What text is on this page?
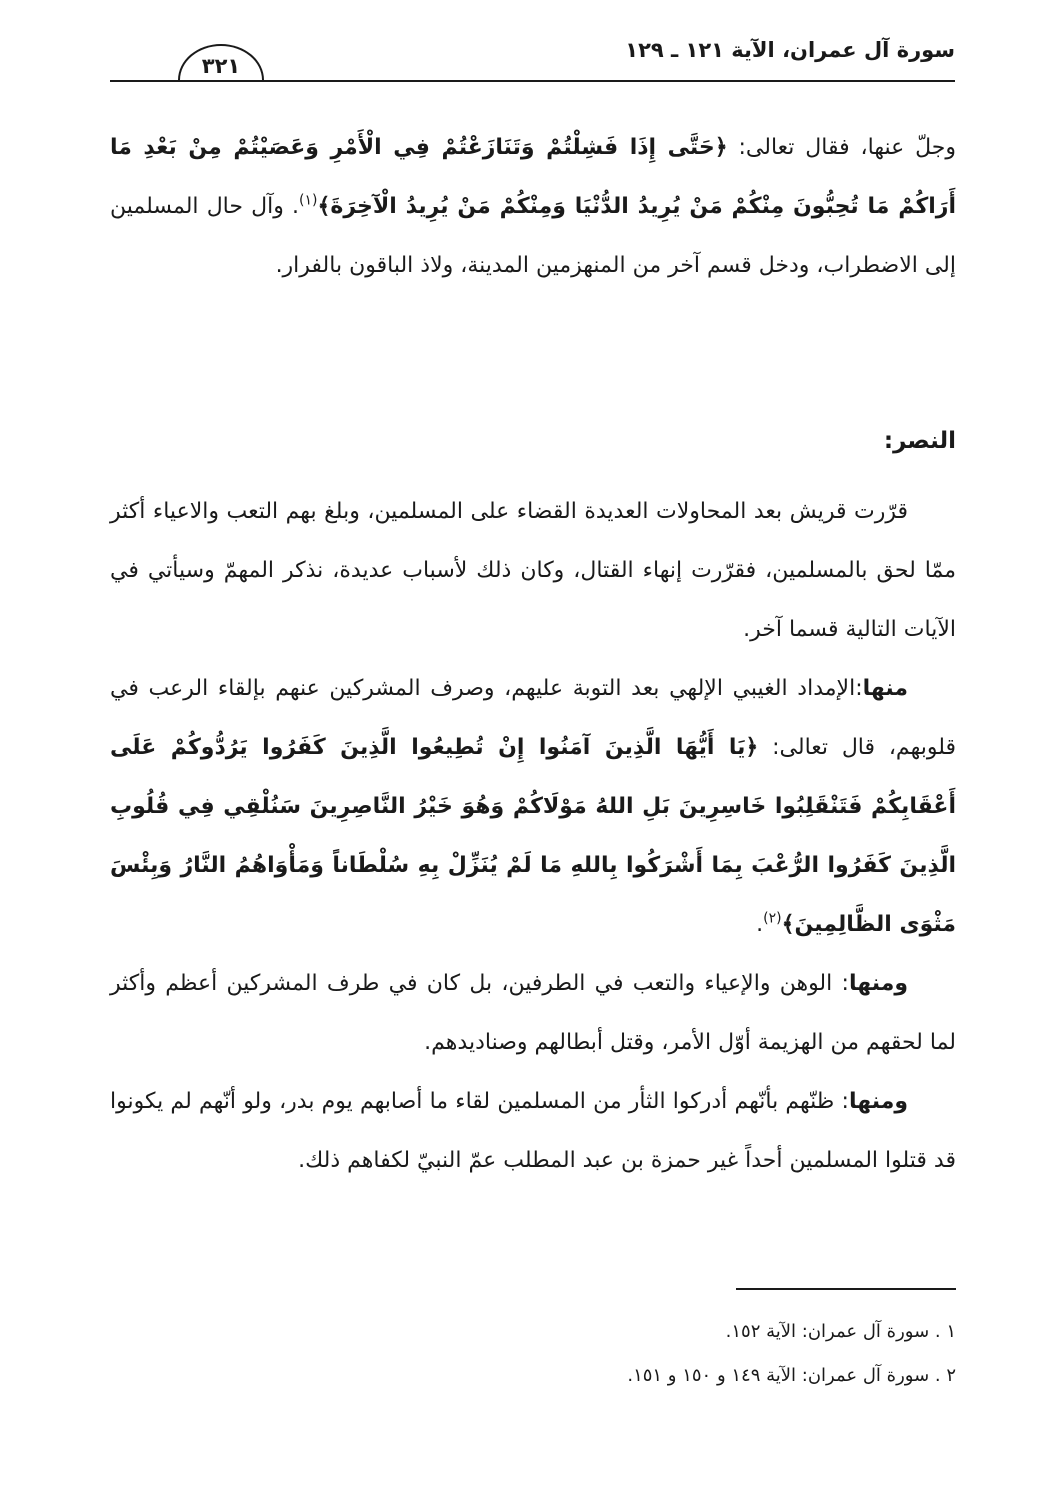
سورة آل عمران، الآية ١٢١ ـ ١٢٩
٣٢١

وجلّ عنها، فقال تعالى: ﴿حَتَّى إِذَا فَشِلْتُمْ وَتَنَازَعْتُمْ فِي الْأَمْرِ وَعَصَيْتُمْ مِنْ بَعْدِ مَا أَرَاكُمْ مَا تُحِبُّونَ مِنْكُمْ مَنْ يُرِيدُ الدُّنْيَا وَمِنْكُمْ مَنْ يُرِيدُ الْآخِرَةَ﴾$^{(١)}$. وآل حال المسلمين إلى الاضطراب، ودخل قسم آخر من المنهزمين المدينة، ولاذ الباقون بالفرار.

النصر:

قرّرت قريش بعد المحاولات العديدة القضاء على المسلمين، وبلغ بهم التعب والاعياء أكثر ممّا لحق بالمسلمين، فقرّرت إنهاء القتال، وكان ذلك لأسباب عديدة، نذكر المهمّ وسيأتي في الآيات التالية قسما آخر.

منها:الإمداد الغيبي الإلهي بعد التوبة عليهم، وصرف المشركين عنهم بإلقاء الرعب في قلوبهم، قال تعالى: ﴿يَا أَيُّهَا الَّذِينَ آمَنُوا إِنْ تُطِيعُوا الَّذِينَ كَفَرُوا يَرُدُّوكُمْ عَلَى أَعْقَابِكُمْ فَتَنْقَلِبُوا خَاسِرِينَ بَلِ اللهُ مَوْلَاكُمْ وَهُوَ خَيْرُ النَّاصِرِينَ سَنُلْقِي فِي قُلُوبِ الَّذِينَ كَفَرُوا الرُّعْبَ بِمَا أَشْرَكُوا بِاللهِ مَا لَمْ يُنَزِّلْ بِهِ سُلْطَاناً وَمَأْوَاهُمُ النَّارُ وَبِئْسَ مَثْوَى الظَّالِمِينَ﴾$^{(٢)}$.

ومنها: الوهن والإعياء والتعب في الطرفين، بل كان في طرف المشركين أعظم وأكثر لما لحقهم من الهزيمة أوّل الأمر، وقتل أبطالهم وصناديدهم.

ومنها: ظنّهم بأنّهم أدركوا الثأر من المسلمين لقاء ما أصابهم يوم بدر، ولو أنّهم لم يكونوا قد قتلوا المسلمين أحداً غير حمزة بن عبد المطلب عمّ النبيّ لكفاهم ذلك.

١ . سورة آل عمران: الآية ١٥٢.
٢ . سورة آل عمران: الآية ١٤٩ و ١٥٠ و ١٥١.
